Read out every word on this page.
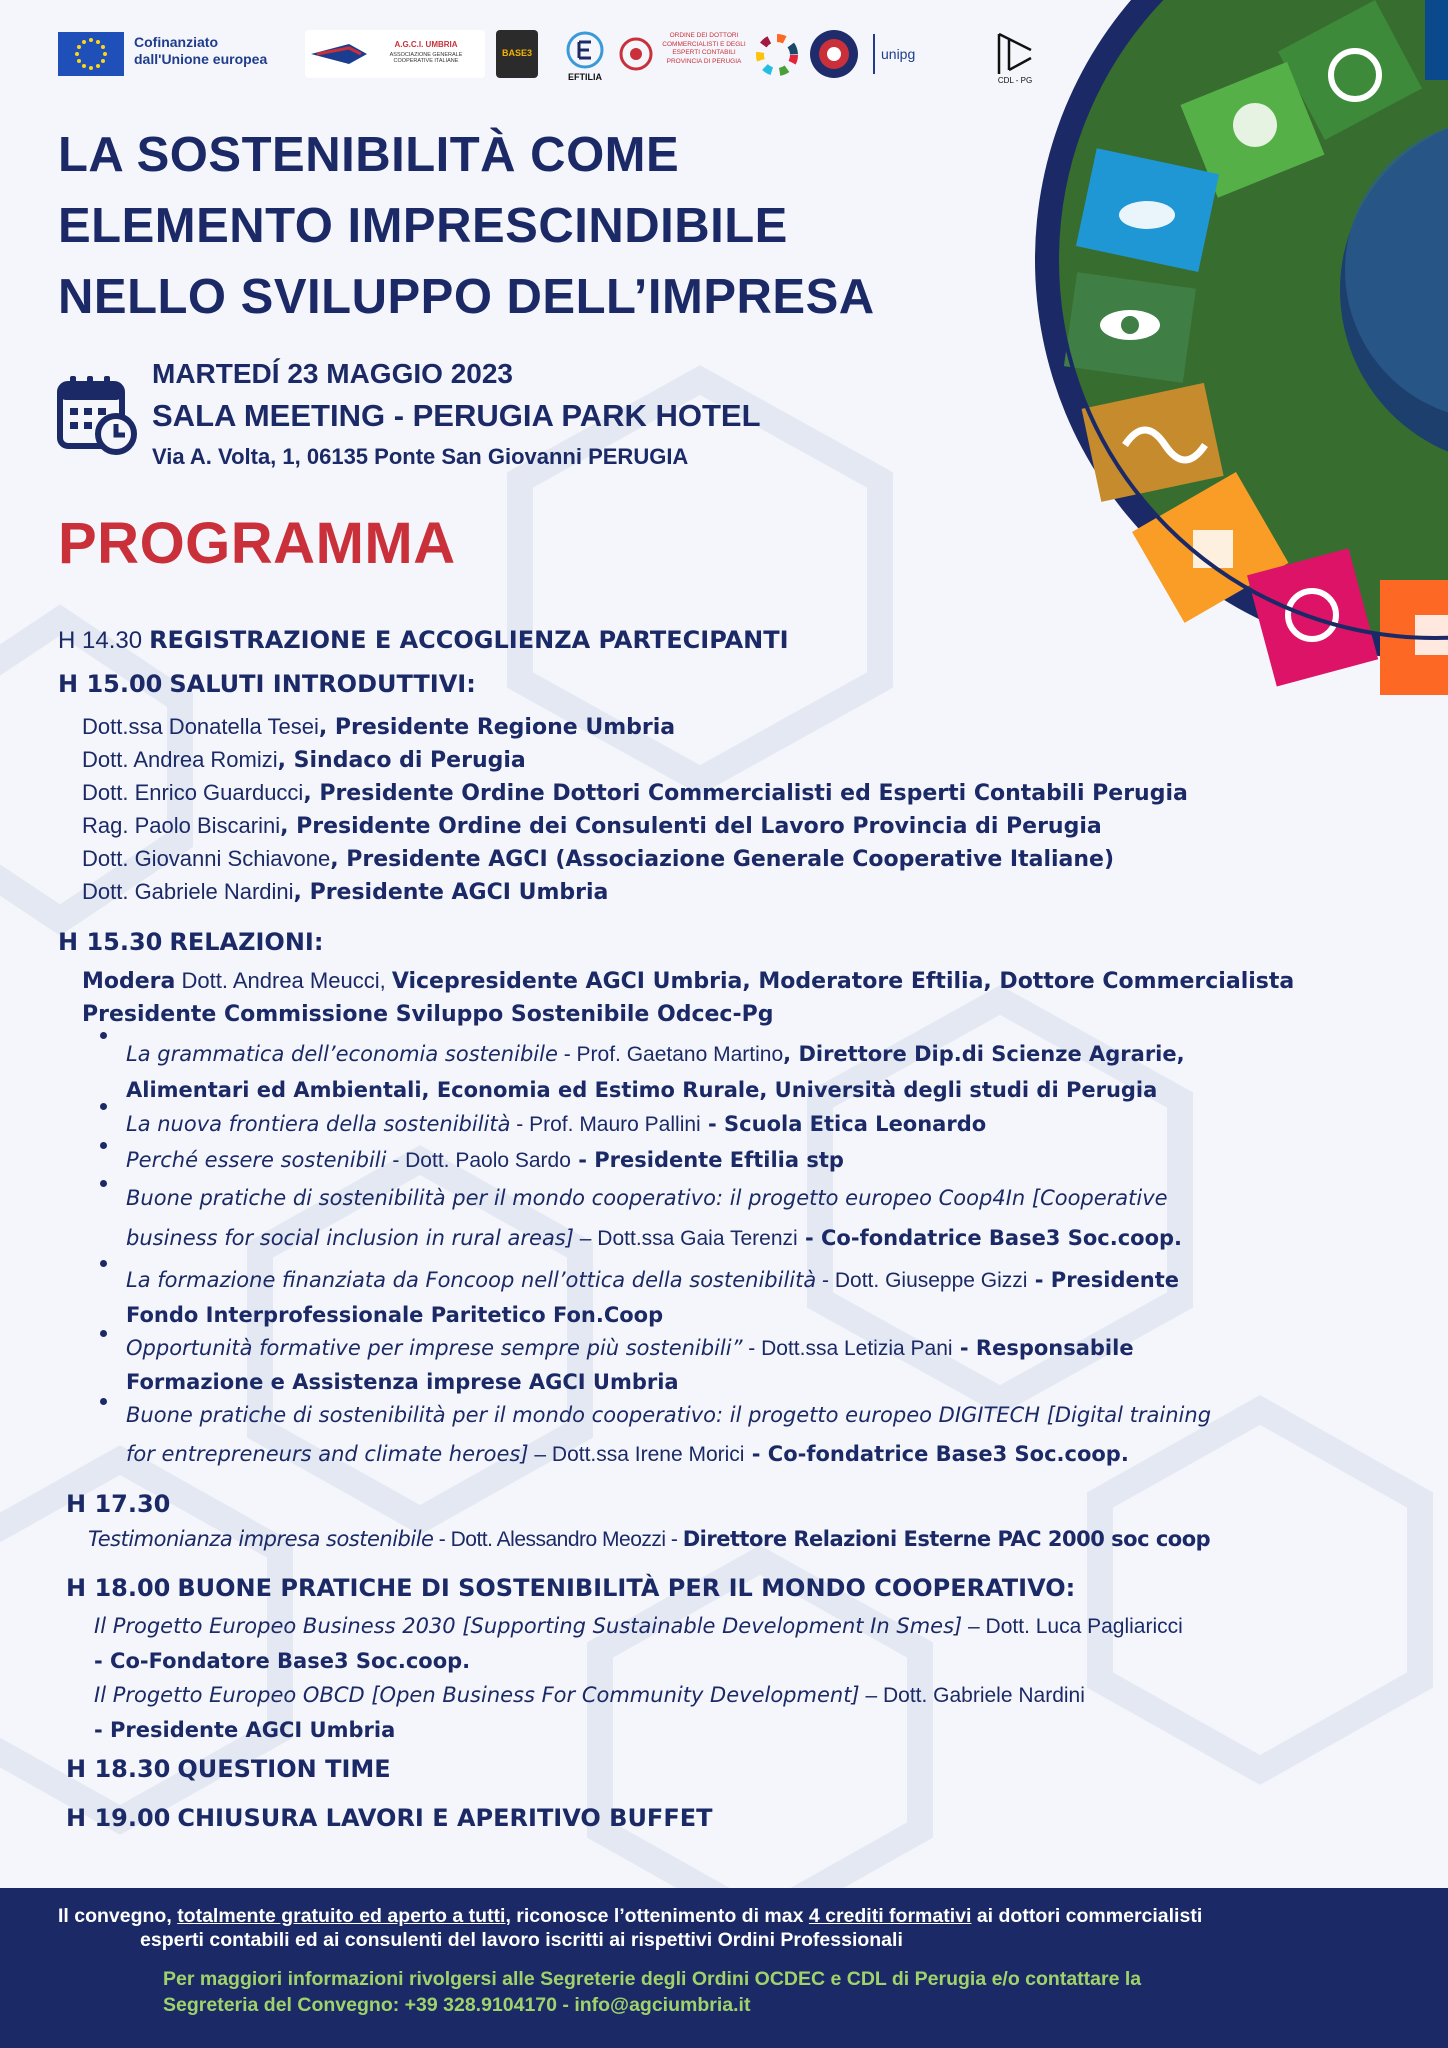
Cofinanziato
dall'Unione europea
A.G.C.I. UMBRIA
ASSOCIAZIONE GENERALE COOPERATIVE ITALIANE
BASE3
EFTILIA
ORDINE DEI DOTTORI COMMERCIALISTI E DEGLI ESPERTI CONTABILI PROVINCIA DI PERUGIA	unipg
CDL - PG
LA SOSTENIBILITÀ COME
ELEMENTO IMPRESCINDIBILE
NELLO SVILUPPO DELL’IMPRESA
MARTEDÍ 23 MAGGIO 2023
SALA MEETING - PERUGIA PARK HOTEL
Via A. Volta, 1, 06135 Ponte San Giovanni PERUGIA
PROGRAMMA
H 14.30 REGISTRAZIONE E ACCOGLIENZA PARTECIPANTI
H 15.00 SALUTI INTRODUTTIVI:
Dott.ssa Donatella Tesei, Presidente Regione Umbria
Dott. Andrea Romizi, Sindaco di Perugia
Dott. Enrico Guarducci, Presidente Ordine Dottori Commercialisti ed Esperti Contabili Perugia
Rag. Paolo Biscarini, Presidente Ordine dei Consulenti del Lavoro Provincia di Perugia
Dott. Giovanni Schiavone, Presidente AGCI (Associazione Generale Cooperative Italiane)
Dott. Gabriele Nardini, Presidente AGCI Umbria
H 15.30 RELAZIONI:
Modera Dott. Andrea Meucci, Vicepresidente AGCI Umbria, Moderatore Eftilia, Dottore Commercialista
Presidente Commissione Sviluppo Sostenibile Odcec-Pg
La grammatica dell’economia sostenibile - Prof. Gaetano Martino, Direttore Dip.di Scienze Agrarie,
Alimentari ed Ambientali, Economia ed Estimo Rurale, Università degli studi di Perugia
La nuova frontiera della sostenibilità - Prof. Mauro Pallini - Scuola Etica Leonardo
Perché essere sostenibili - Dott. Paolo Sardo - Presidente Eftilia stp
Buone pratiche di sostenibilità per il mondo cooperativo: il progetto europeo Coop4In [Cooperative
business for social inclusion in rural areas] – Dott.ssa Gaia Terenzi - Co-fondatrice Base3 Soc.coop.
La formazione finanziata da Foncoop nell’ottica della sostenibilità - Dott. Giuseppe Gizzi - Presidente
Fondo Interprofessionale Paritetico Fon.Coop
Opportunità formative per imprese sempre più sostenibili” - Dott.ssa Letizia Pani - Responsabile
Formazione e Assistenza imprese AGCI Umbria
Buone pratiche di sostenibilità per il mondo cooperativo: il progetto europeo DIGITECH [Digital training
for entrepreneurs and climate heroes] – Dott.ssa Irene Morici - Co-fondatrice Base3 Soc.coop.
H 17.30
Testimonianza impresa sostenibile - Dott. Alessandro Meozzi - Direttore Relazioni Esterne PAC 2000 soc coop
H 18.00 BUONE PRATICHE DI SOSTENIBILITÀ PER IL MONDO COOPERATIVO:
Il Progetto Europeo Business 2030 [Supporting Sustainable Development In Smes] – Dott. Luca Pagliaricci
- Co-Fondatore Base3 Soc.coop.
Il Progetto Europeo OBCD [Open Business For Community Development] – Dott. Gabriele Nardini
- Presidente AGCI Umbria
H 18.30 QUESTION TIME
H 19.00 CHIUSURA LAVORI E APERITIVO BUFFET
Il convegno, totalmente gratuito ed aperto a tutti, riconosce l’ottenimento di max 4 crediti formativi ai dottori commercialisti
esperti contabili ed ai consulenti del lavoro iscritti ai rispettivi Ordini Professionali
Per maggiori informazioni rivolgersi alle Segreterie degli Ordini OCDEC e CDL di Perugia e/o contattare la
Segreteria del Convegno: +39 328.9104170 - info@agciumbria.it
